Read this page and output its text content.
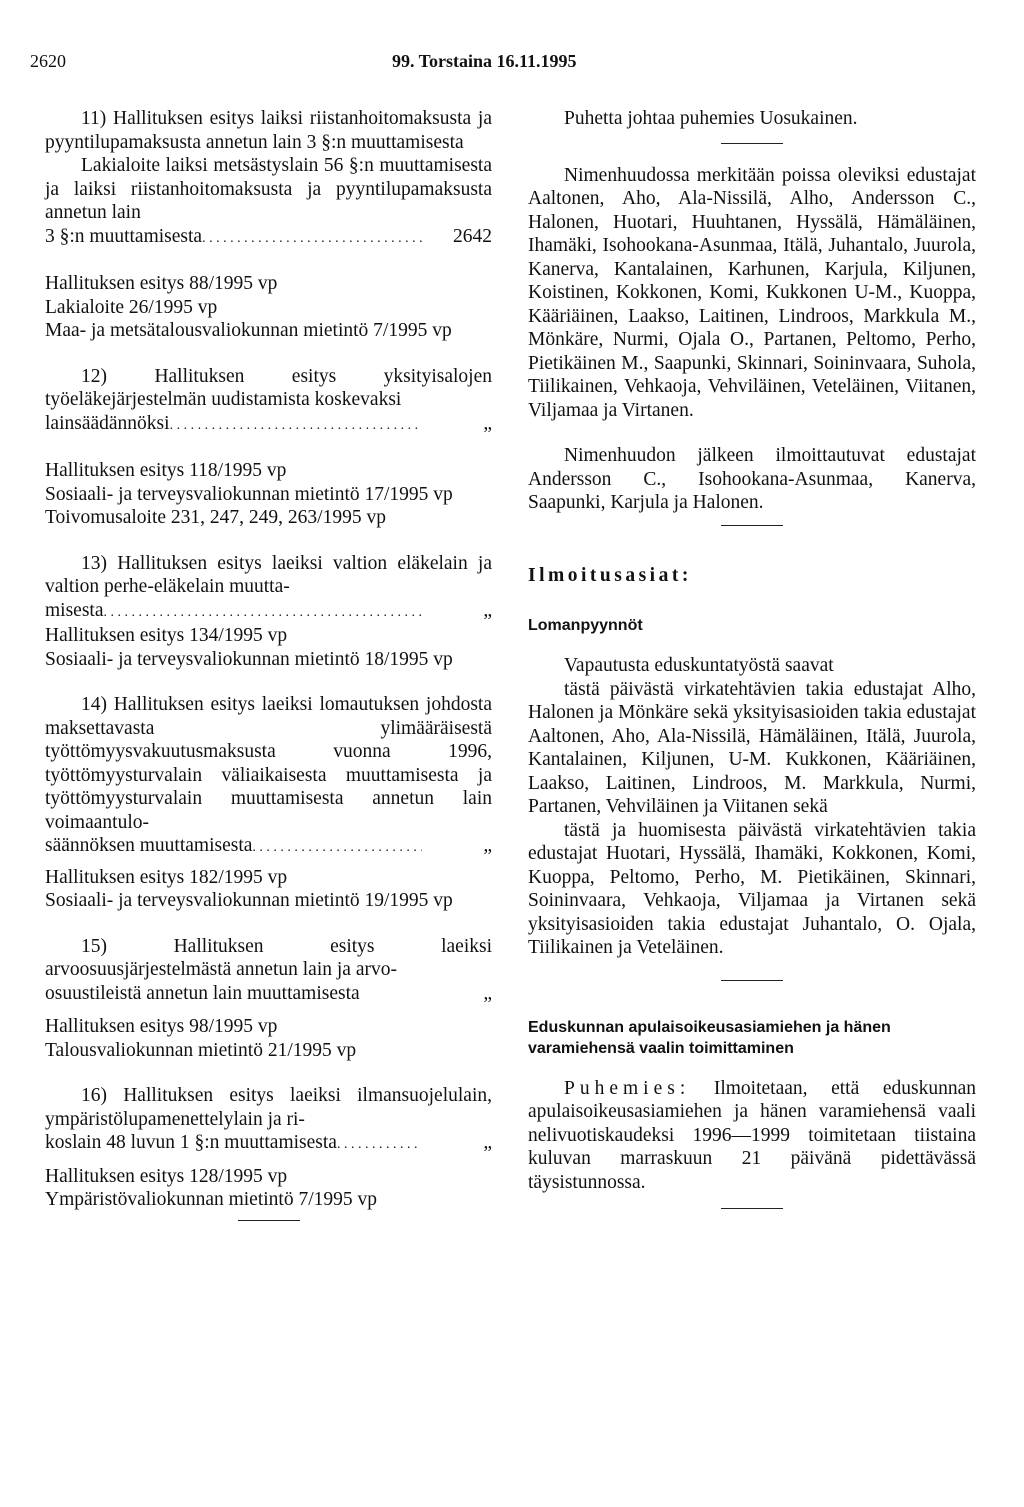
2620	99. Torstaina 16.11.1995

11) Hallituksen esitys laiksi riistanhoitomaksusta ja pyyntilupamaksusta annetun lain 3 §:n muuttamisesta

Lakialoite laiksi metsästyslain 56 §:n muuttamisesta ja laiksi riistanhoitomaksusta ja pyyntilupamaksusta annetun lain

3 §:n muuttamisesta . . .	2642

Hallituksen esitys 88/1995 vp

Lakialoite 26/1995 vp

Maa- ja metsätalousvaliokunnan mietintö 7/1995 vp

12) Hallituksen esitys yksityisalojen työeläkejärjestelmän uudistamista koskevaksi

lainsäädännöksi . . .	„

Hallituksen esitys 118/1995 vp

Sosiaali- ja terveysvaliokunnan mietintö 17/1995 vp

Toivomusaloite 231, 247, 249, 263/1995 vp

13) Hallituksen esitys laeiksi valtion eläkelain ja valtion perhe-eläkelain muutta-

misesta . . .	„

Hallituksen esitys 134/1995 vp

Sosiaali- ja terveysvaliokunnan mietintö 18/1995 vp

14) Hallituksen esitys laeiksi lomautuksen johdosta maksettavasta ylimääräisestä työttömyysvakuutusmaksusta vuonna 1996, työttömyysturvalain väliaikaisesta muuttamisesta ja työttömyysturvalain muuttamisesta annetun lain voimaantulo-

säännöksen muuttamisesta . . .	„

Hallituksen esitys 182/1995 vp

Sosiaali- ja terveysvaliokunnan mietintö 19/1995 vp

15) Hallituksen esitys laeiksi arvoosuusjärjestelmästä annetun lain ja arvo-

osuustileistä annetun lain muuttamisesta	„

Hallituksen esitys 98/1995 vp

Talousvaliokunnan mietintö 21/1995 vp

16) Hallituksen esitys laeiksi ilmansuojelulain, ympäristölupamenettelylain ja ri-

koslain 48 luvun 1 §:n muuttamisesta . . .	„

Hallituksen esitys 128/1995 vp

Ympäristövaliokunnan mietintö 7/1995 vp

Puhetta johtaa puhemies Uosukainen.

Nimenhuudossa merkitään poissa oleviksi edustajat Aaltonen, Aho, Ala-Nissilä, Alho, Andersson C., Halonen, Huotari, Huuhtanen, Hyssälä, Hämäläinen, Ihamäki, Isohookana-Asunmaa, Itälä, Juhantalo, Juurola, Kanerva, Kantalainen, Karhunen, Karjula, Kiljunen, Koistinen, Kokkonen, Komi, Kukkonen U-M., Kuoppa, Kääriäinen, Laakso, Laitinen, Lindroos, Markkula M., Mönkäre, Nurmi, Ojala O., Partanen, Peltomo, Perho, Pietikäinen M., Saapunki, Skinnari, Soininvaara, Suhola, Tiilikainen, Vehkaoja, Vehviläinen, Veteläinen, Viitanen, Viljamaa ja Virtanen.

Nimenhuudon jälkeen ilmoittautuvat edustajat Andersson C., Isohookana-Asunmaa, Kanerva, Saapunki, Karjula ja Halonen.

Ilmoitusasiat:

Lomanpyynnöt

Vapautusta eduskuntatyöstä saavat

tästä päivästä virkatehtävien takia edustajat Alho, Halonen ja Mönkäre sekä yksityisasioiden takia edustajat Aaltonen, Aho, Ala-Nissilä, Hämäläinen, Itälä, Juurola, Kantalainen, Kiljunen, U-M. Kukkonen, Kääriäinen, Laakso, Laitinen, Lindroos, M. Markkula, Nurmi, Partanen, Vehviläinen ja Viitanen sekä

tästä ja huomisesta päivästä virkatehtävien takia edustajat Huotari, Hyssälä, Ihamäki, Kokkonen, Komi, Kuoppa, Peltomo, Perho, M. Pietikäinen, Skinnari, Soininvaara, Vehkaoja, Viljamaa ja Virtanen sekä yksityisasioiden takia edustajat Juhantalo, O. Ojala, Tiilikainen ja Veteläinen.

Eduskunnan apulaisoikeusasiamiehen ja hänen varamiehensä vaalin toimittaminen

Puhemies: Ilmoitetaan, että eduskunnan apulaisoikeusasiamiehen ja hänen varamiehensä vaali nelivuotiskaudeksi 1996—1999 toimitetaan tiistaina kuluvan marraskuun 21 päivänä pidettävässä täysistunnossa.
